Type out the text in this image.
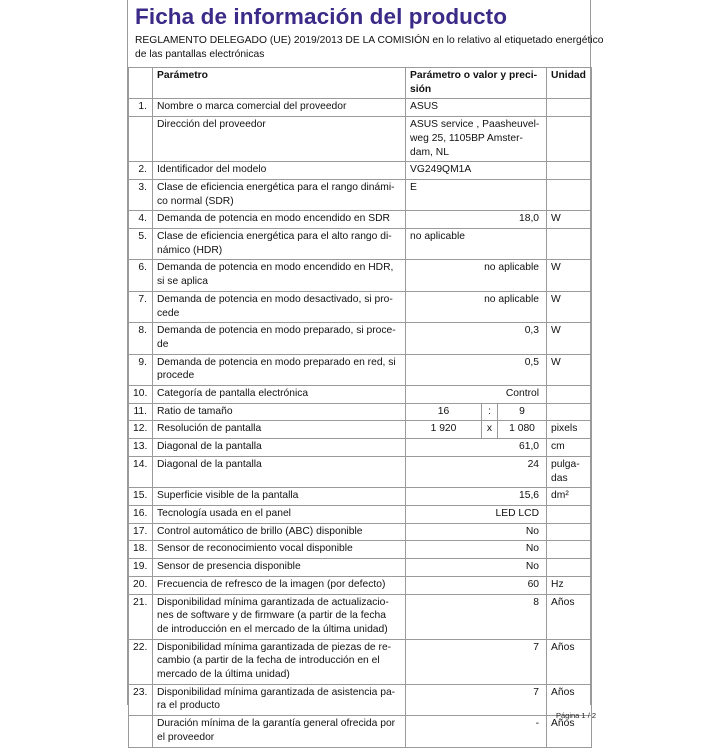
Ficha de información del producto
REGLAMENTO DELEGADO (UE) 2019/2013 DE LA COMISIÓN en lo relativo al etiquetado energético
de las pantallas electrónicas
	Parámetro	Parámetro o valor y preci-
sión			Unidad
1.	Nombre o marca comercial del proveedor	ASUS			

	Dirección del proveedor	ASUS service , Paasheuvel-
weg 25, 1105BP Amster-
dam, NL			

2.	Identificador del modelo	VG249QM1A			

3.	Clase de eficiencia energética para el rango dinámi-
co normal (SDR)	E			

4.	Demanda de potencia en modo encendido en SDR	18,0			W

5.	Clase de eficiencia energética para el alto rango di-
námico (HDR)	no aplicable			

6.	Demanda de potencia en modo encendido en HDR,
si se aplica	no aplicable			W

7.	Demanda de potencia en modo desactivado, si pro-
cede	no aplicable			W

8.	Demanda de potencia en modo preparado, si proce-
de	0,3			W

9.	Demanda de potencia en modo preparado en red, si
procede	0,5			W

10.	Categoría de pantalla electrónica	Control			

11.	Ratio de tamaño	16	:	9	

12.	Resolución de pantalla	1 920	x	1 080	pixels

13.	Diagonal de la pantalla	61,0			cm

14.	Diagonal de la pantalla	24			pulga-
das

15.	Superficie visible de la pantalla	15,6			dm²

16.	Tecnología usada en el panel	LED LCD			

17.	Control automático de brillo (ABC) disponible	No			

18.	Sensor de reconocimiento vocal disponible	No			

19.	Sensor de presencia disponible	No			

20.	Frecuencia de refresco de la imagen (por defecto)	60			Hz

21.	Disponibilidad mínima garantizada de actualizacio-
nes de software y de firmware (a partir de la fecha
de introducción en el mercado de la última unidad)	8			Años

22.	Disponibilidad mínima garantizada de piezas de re-
cambio (a partir de la fecha de introducción en el
mercado de la última unidad)	7			Años

23.	Disponibilidad mínima garantizada de asistencia pa-
ra el producto	7			Años

	Duración mínima de la garantía general ofrecida por
el proveedor	-			Años
Página 1 / 2
